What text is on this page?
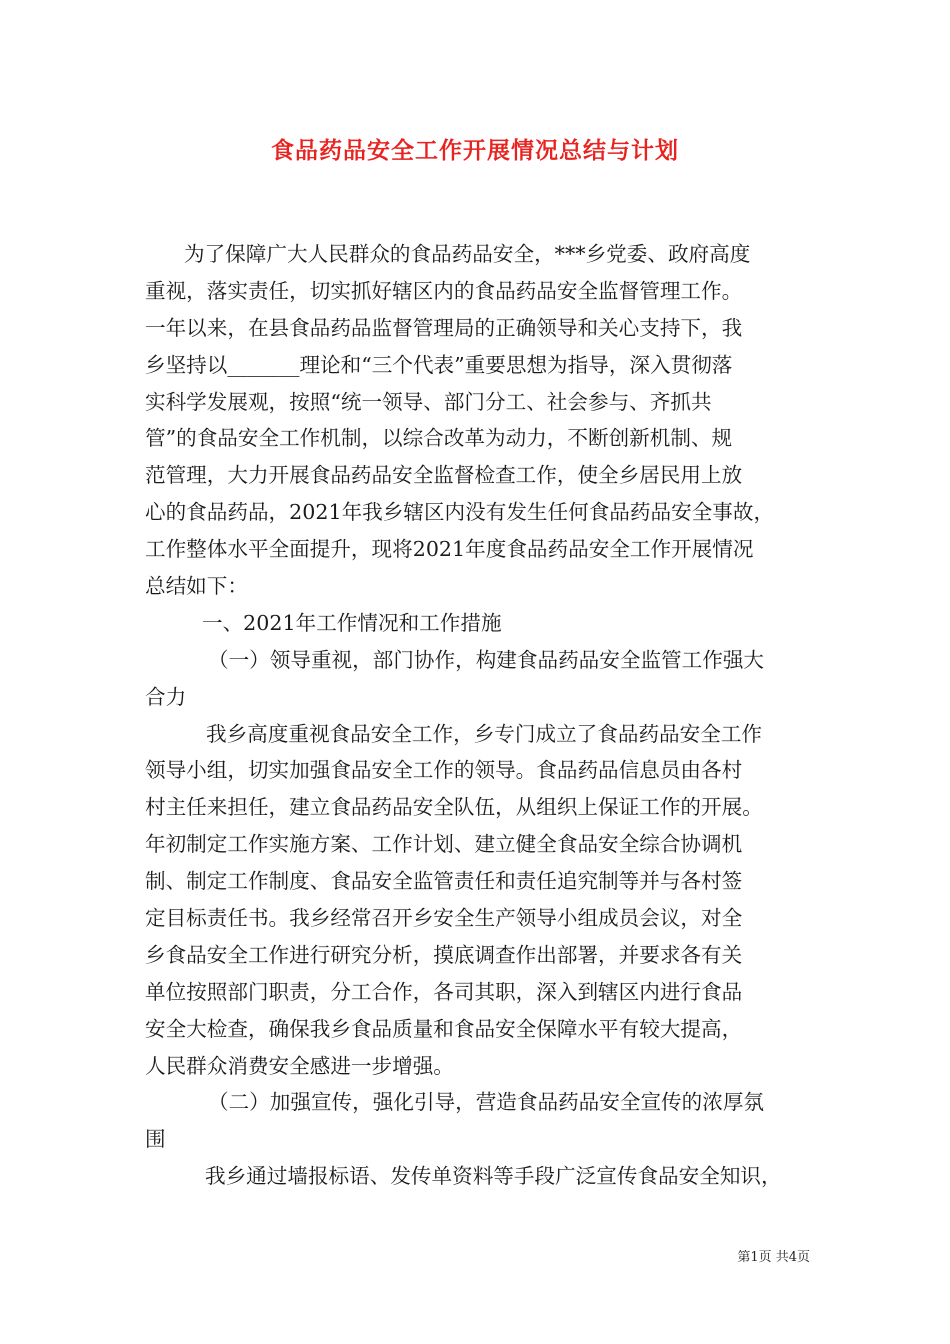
食品药品安全工作开展情况总结与计划
为了保障广大人民群众的食品药品安全，***乡党委、政府高度
重视，落实责任，切实抓好辖区内的食品药品安全监督管理工作。
一年以来，在县食品药品监督管理局的正确领导和关心支持下，我
乡坚持以_______理论和“三个代表”重要思想为指导，深入贯彻落
实科学发展观，按照“统一领导、部门分工、社会参与、齐抓共
管”的食品安全工作机制，以综合改革为动力，不断创新机制、规
范管理，大力开展食品药品安全监督检查工作，使全乡居民用上放
心的食品药品，2021年我乡辖区内没有发生任何食品药品安全事故，
工作整体水平全面提升，现将2021年度食品药品安全工作开展情况
总结如下：
一、2021年工作情况和工作措施
（一）领导重视，部门协作，构建食品药品安全监管工作强大
合力
我乡高度重视食品安全工作，乡专门成立了食品药品安全工作
领导小组，切实加强食品安全工作的领导。食品药品信息员由各村
村主任来担任，建立食品药品安全队伍，从组织上保证工作的开展。
年初制定工作实施方案、工作计划、建立健全食品安全综合协调机
制、制定工作制度、食品安全监管责任和责任追究制等并与各村签
定目标责任书。我乡经常召开乡安全生产领导小组成员会议，对全
乡食品安全工作进行研究分析，摸底调查作出部署，并要求各有关
单位按照部门职责，分工合作，各司其职，深入到辖区内进行食品
安全大检查，确保我乡食品质量和食品安全保障水平有较大提高，
人民群众消费安全感进一步增强。
（二）加强宣传，强化引导，营造食品药品安全宣传的浓厚氛
围
我乡通过墙报标语、发传单资料等手段广泛宣传食品安全知识，
第1页 共4页
